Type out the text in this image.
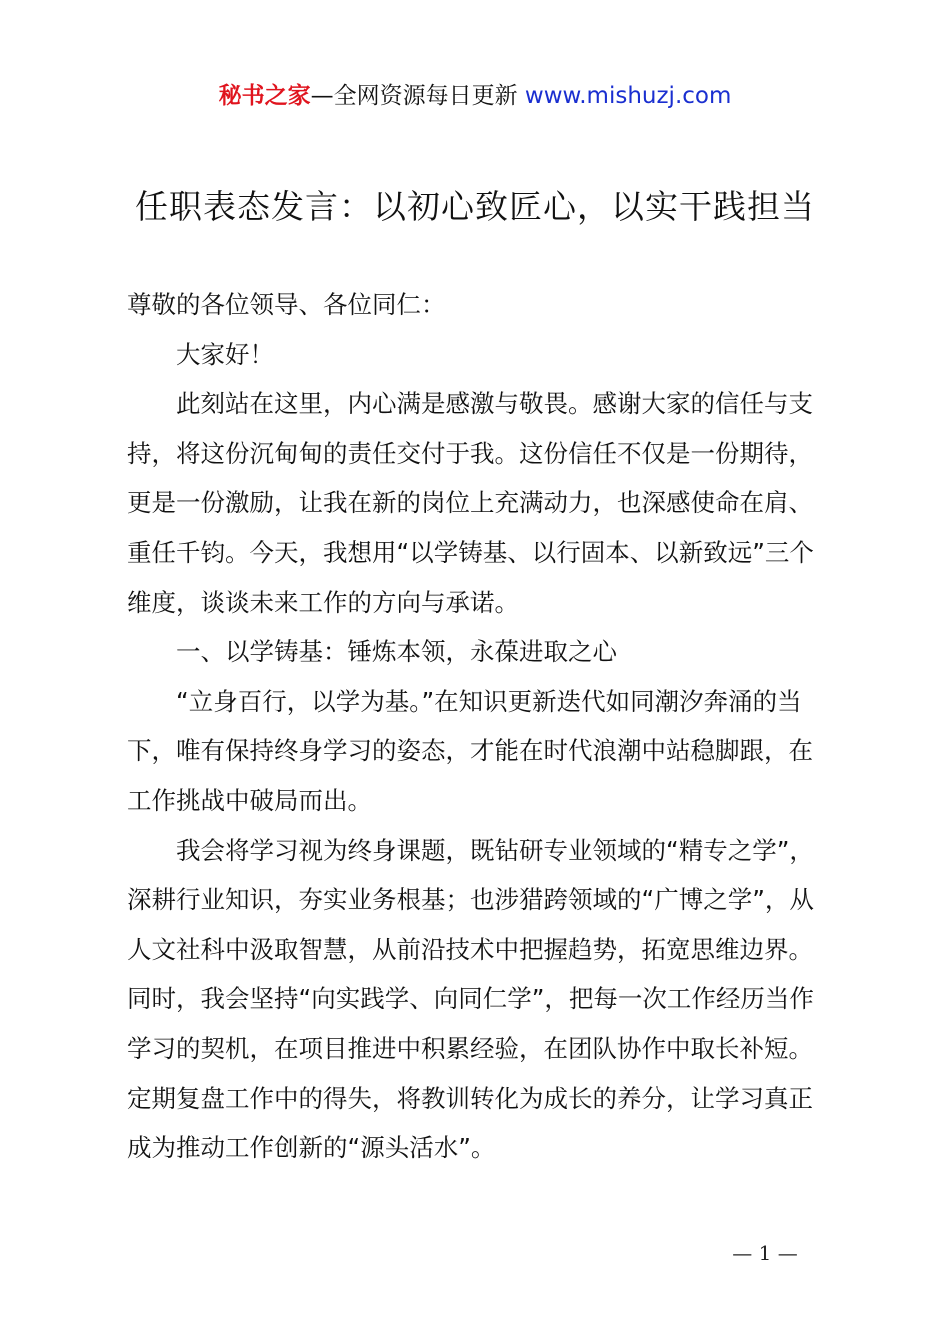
秘书之家—全网资源每日更新 www.mishuzj.com
任职表态发言：以初心致匠心，以实干践担当

尊敬的各位领导、各位同仁：

大家好！

此刻站在这里，内心满是感激与敬畏。感谢大家的信任与支持，将这份沉甸甸的责任交付于我。这份信任不仅是一份期待，更是一份激励，让我在新的岗位上充满动力，也深感使命在肩、重任千钧。今天，我想用“以学铸基、以行固本、以新致远”三个维度，谈谈未来工作的方向与承诺。

一、以学铸基：锤炼本领，永葆进取之心

“立身百行，以学为基。”在知识更新迭代如同潮汐奔涌的当下，唯有保持终身学习的姿态，才能在时代浪潮中站稳脚跟，在工作挑战中破局而出。

我会将学习视为终身课题，既钻研专业领域的“精专之学”，深耕行业知识，夯实业务根基；也涉猎跨领域的“广博之学”，从人文社科中汲取智慧，从前沿技术中把握趋势，拓宽思维边界。同时，我会坚持“向实践学、向同仁学”，把每一次工作经历当作学习的契机，在项目推进中积累经验，在团队协作中取长补短。定期复盘工作中的得失，将教训转化为成长的养分，让学习真正成为推动工作创新的“源头活水”。

— 1 —
